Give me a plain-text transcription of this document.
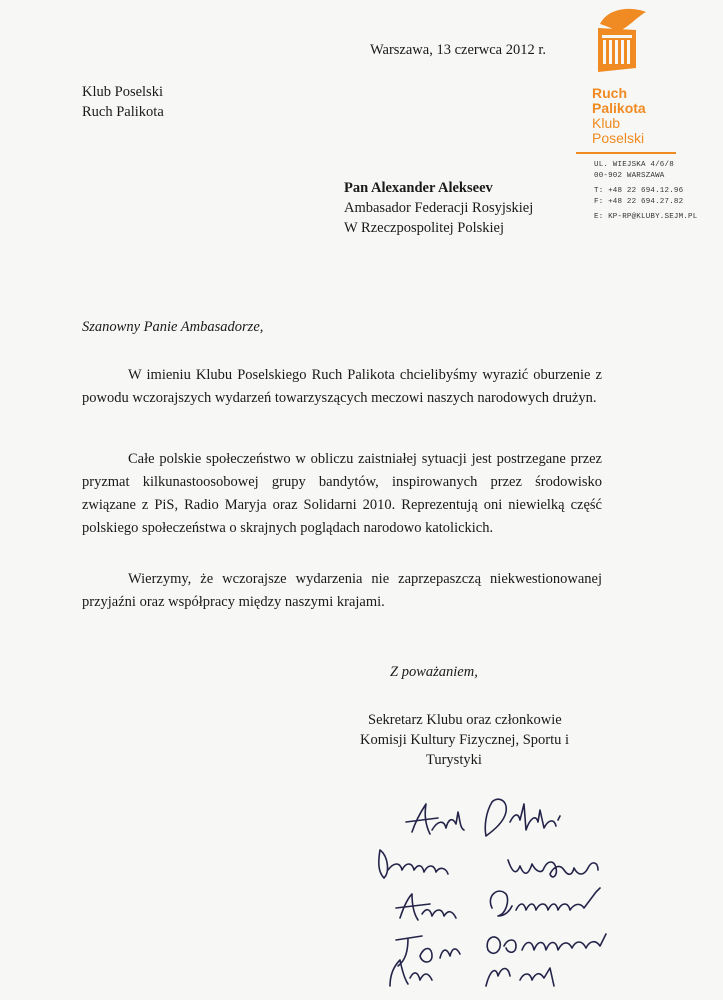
Ruch
Palikota
Klub
Poselski
UL. WIEJSKA 4/6/8
00-902 WARSZAWA
T: +48 22 694.12.96
F: +48 22 694.27.82
E: KP-RP@KLUBY.SEJM.PL
Warszawa, 13 czerwca 2012 r.
Klub Poselski
Ruch Palikota
Pan Alexander Alekseev
Ambasador Federacji Rosyjskiej
W Rzeczpospolitej Polskiej
Szanowny Panie Ambasadorze,
W imieniu Klubu Poselskiego Ruch Palikota chcielibyśmy wyrazić oburzenie z powodu wczorajszych wydarzeń towarzyszących meczowi naszych narodowych drużyn.
Całe polskie społeczeństwo w obliczu zaistniałej sytuacji jest postrzegane przez pryzmat kilkunastoosobowej grupy bandytów, inspirowanych przez środowisko związane z PiS, Radio Maryja oraz Solidarni 2010. Reprezentują oni niewielką część polskiego społeczeństwa o skrajnych poglądach narodowo katolickich.
Wierzymy, że wczorajsze wydarzenia nie zaprzepaszczą niekwestionowanej przyjaźni oraz współpracy między naszymi krajami.
Z poważaniem,
Sekretarz Klubu oraz członkowie
Komisji Kultury Fizycznej, Sportu i
Turystyki
